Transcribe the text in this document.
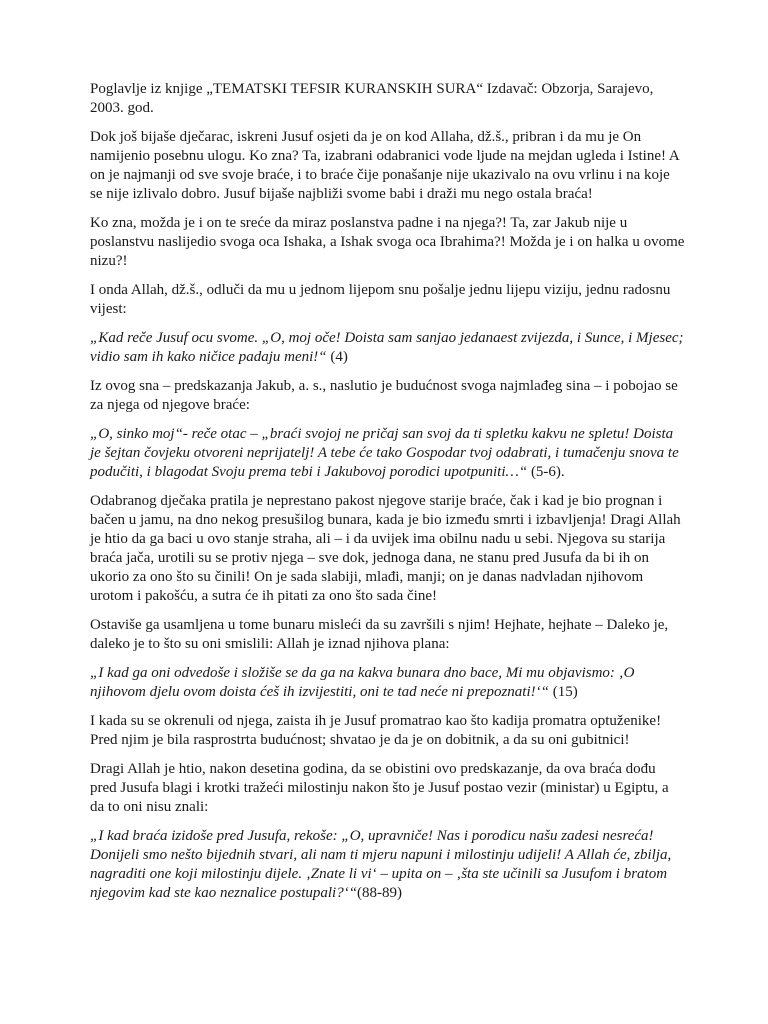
Poglavlje iz knjige „TEMATSKI TEFSIR KURANSKIH SURA“ Izdavač: Obzorja, Sarajevo, 2003. god.

Dok još bijaše dječarac, iskreni Jusuf osjeti da je on kod Allaha, dž.š., pribran i da mu je On namijenio posebnu ulogu. Ko zna? Ta, izabrani odabranici vode ljude na mejdan ugleda i Istine! A on je najmanji od sve svoje braće, i to braće čije ponašanje nije ukazivalo na ovu vrlinu i na koje se nije izlivalo dobro. Jusuf bijaše najbliži svome babi i draži mu nego ostala braća!

Ko zna, možda je i on te sreće da miraz poslanstva padne i na njega?! Ta, zar Jakub nije u poslanstvu naslijedio svoga oca Ishaka, a Ishak svoga oca Ibrahima?! Možda je i on halka u ovome nizu?!

I onda Allah, dž.š., odluči da mu u jednom lijepom snu pošalje jednu lijepu viziju, jednu radosnu vijest:

„Kad reče Jusuf ocu svome. „O, moj oče! Doista sam sanjao jedanaest zvijezda, i Sunce, i Mjesec; vidio sam ih kako ničice padaju meni!“ (4)

Iz ovog sna – predskazanja Jakub, a. s., naslutio je budućnost svoga najmlađeg sina – i pobojao se za njega od njegove braće:

„O, sinko moj“- reče otac – „braći svojoj ne pričaj san svoj da ti spletku kakvu ne spletu! Doista je šejtan čovjeku otvoreni neprijatelj! A tebe će tako Gospodar tvoj odabrati, i tumačenju snova te podučiti, i blagodat Svoju prema tebi i Jakubovoj porodici upotpuniti…“ (5-6).

Odabranog dječaka pratila je neprestano pakost njegove starije braće, čak i kad je bio prognan i bačen u jamu, na dno nekog presušilog bunara, kada je bio između smrti i izbavljenja! Dragi Allah je htio da ga baci u ovo stanje straha, ali – i da uvijek ima obilnu nadu u sebi. Njegova su starija braća jača, urotili su se protiv njega – sve dok, jednoga dana, ne stanu pred Jusufa da bi ih on ukorio za ono što su činili! On je sada slabiji, mlađi, manji; on je danas nadvladan njihovom urotom i pakošću, a sutra će ih pitati za ono što sada čine!

Ostaviše ga usamljena u tome bunaru misleći da su završili s njim! Hejhate, hejhate – Daleko je, daleko je to što su oni smislili: Allah je iznad njihova plana:

„I kad ga oni odvedoše i složiše se da ga na kakva bunara dno bace, Mi mu objavismo: ‚O njihovom djelu ovom doista ćeš ih izvijestiti, oni te tad neće ni prepoznati!‘“ (15)

I kada su se okrenuli od njega, zaista ih je Jusuf promatrao kao što kadija promatra optuženike! Pred njim je bila rasprostrta budućnost; shvatao je da je on dobitnik, a da su oni gubitnici!

Dragi Allah je htio, nakon desetina godina, da se obistini ovo predskazanje, da ova braća dođu pred Jusufa blagi i krotki tražeći milostinju nakon što je Jusuf postao vezir (ministar) u Egiptu, a da to oni nisu znali:

„I kad braća izidoše pred Jusufa, rekoše: „O, upravniče! Nas i porodicu našu zadesi nesreća! Donijeli smo nešto bijednih stvari, ali nam ti mjeru napuni i milostinju udijeli! A Allah će, zbilja, nagraditi one koji milostinju dijele. ‚Znate li vi‘ – upita on – ‚šta ste učinili sa Jusufom i bratom njegovim kad ste kao neznalice postupali?‘“(88-89)
